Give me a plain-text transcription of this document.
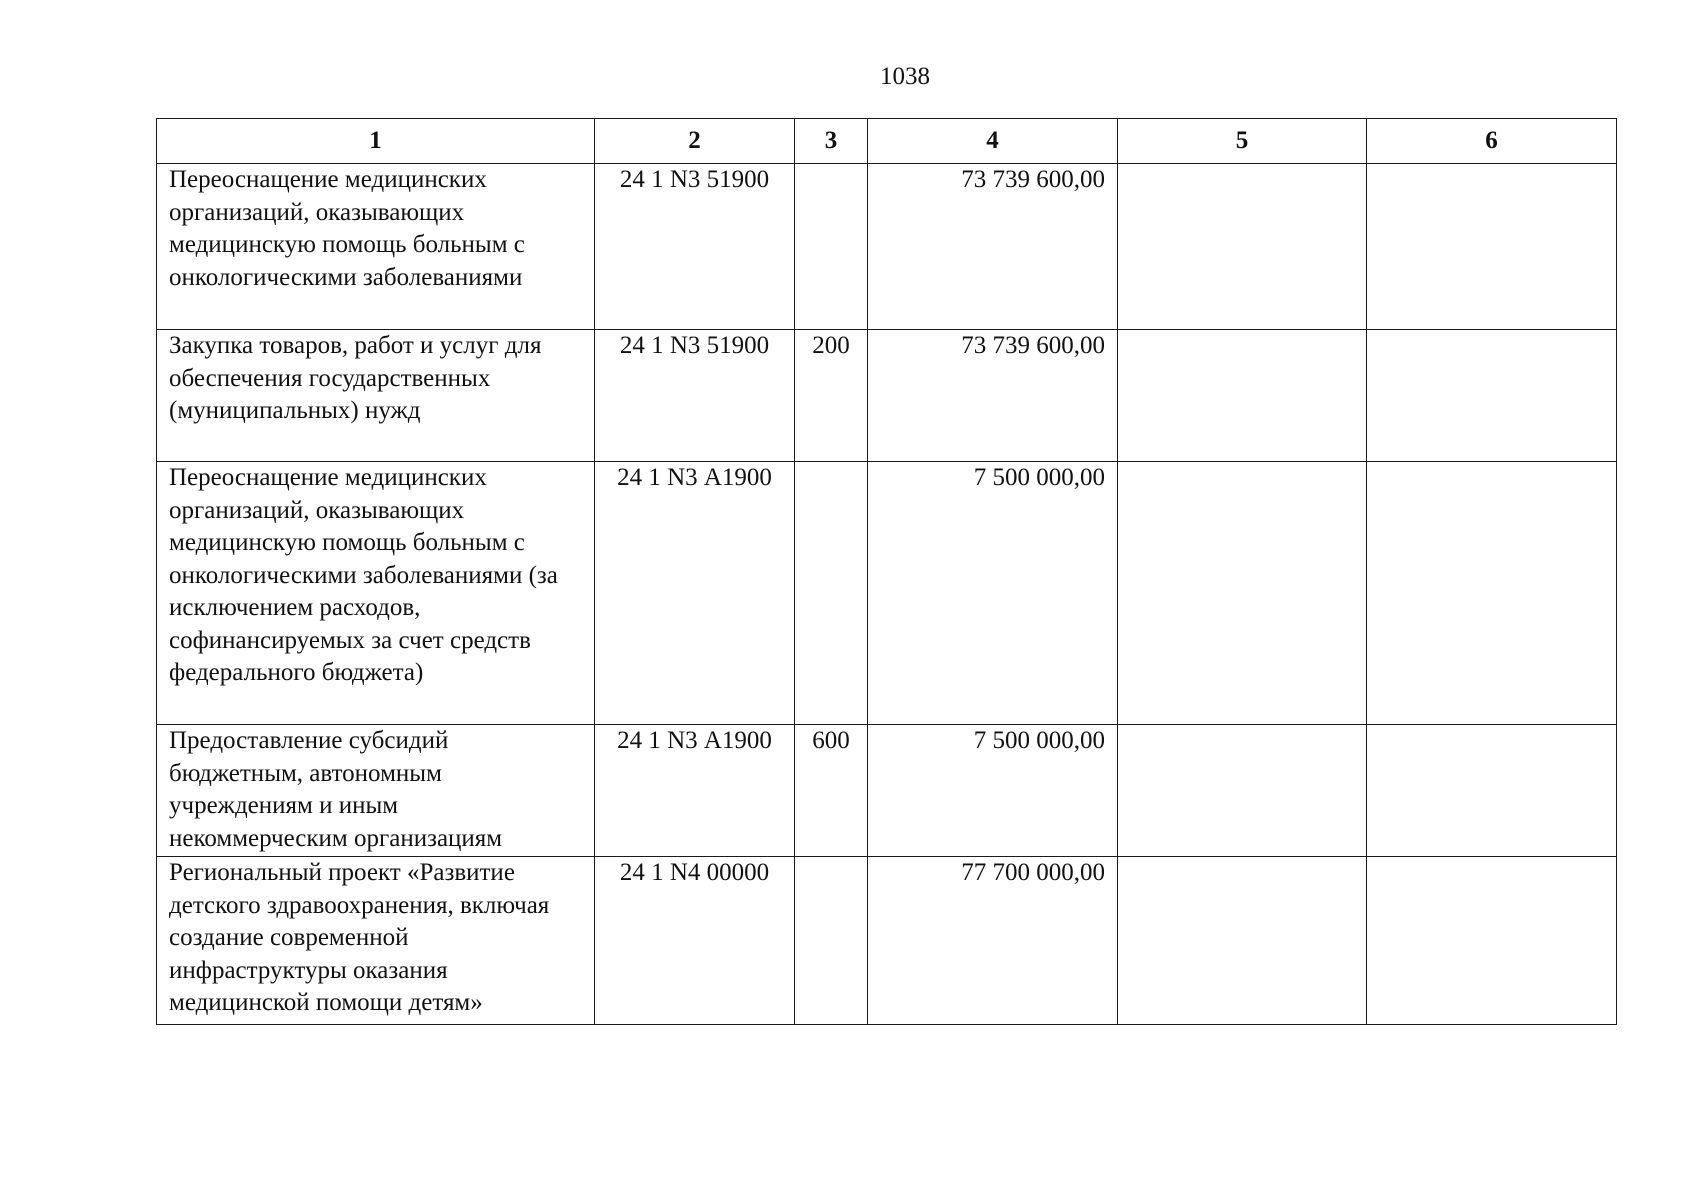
1038
1	2	3	4	5	6
Переоснащение медицинских организаций, оказывающих медицинскую помощь больным с онкологическими заболеваниями	24 1 N3 51900		73 739 600,00		
Закупка товаров, работ и услуг для обеспечения государственных (муниципальных) нужд	24 1 N3 51900	200	73 739 600,00		
Переоснащение медицинских организаций, оказывающих медицинскую помощь больным с онкологическими заболеваниями (за исключением расходов, софинансируемых за счет средств федерального бюджета)	24 1 N3 А1900		7 500 000,00		
Предоставление субсидий бюджетным, автономным учреждениям и иным некоммерческим организациям	24 1 N3 А1900	600	7 500 000,00		
Региональный проект «Развитие детского здравоохранения, включая создание современной инфраструктуры оказания медицинской помощи детям»	24 1 N4 00000		77 700 000,00		
